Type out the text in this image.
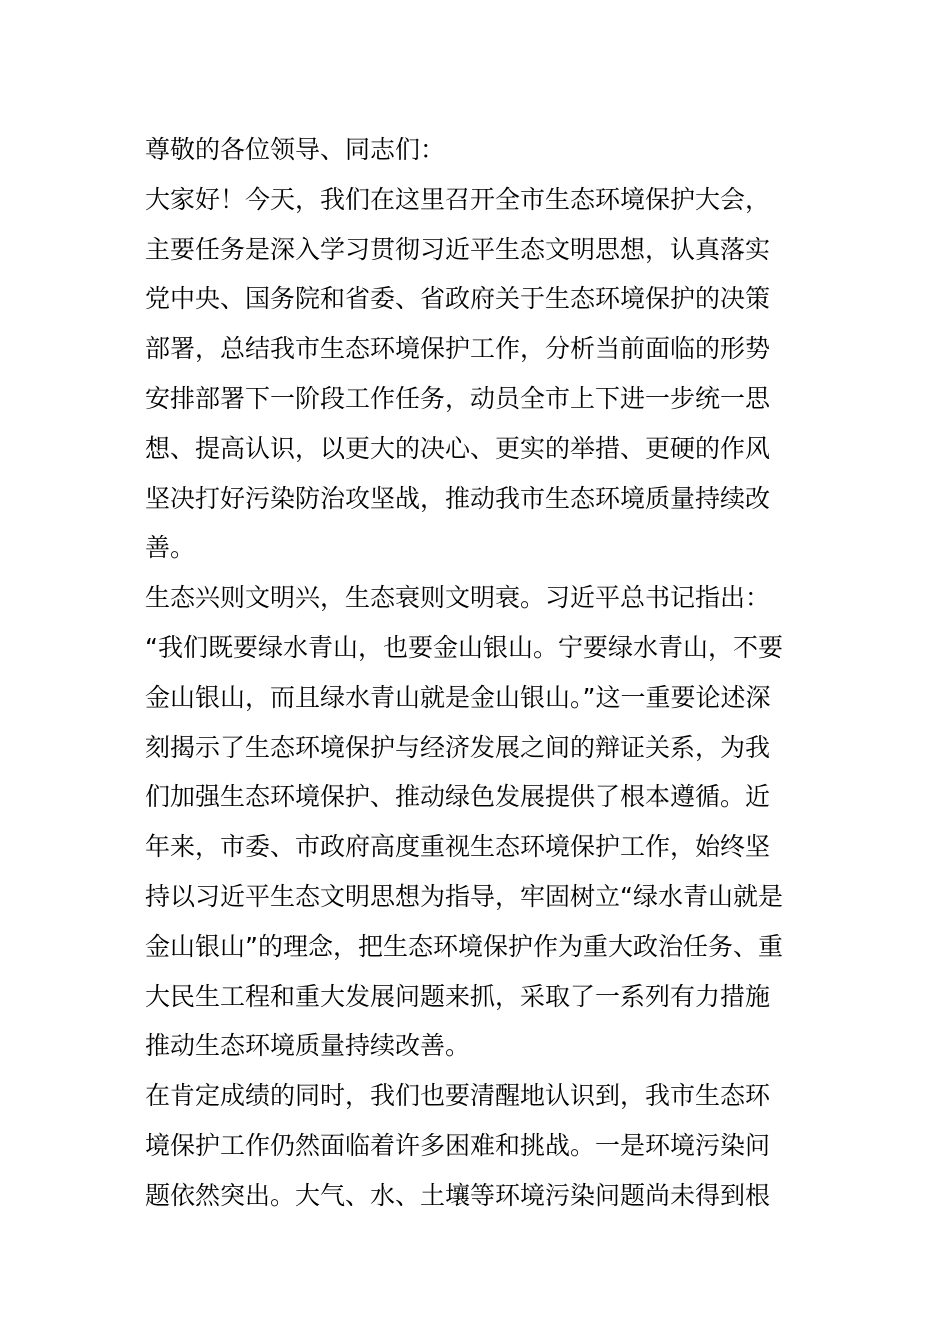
尊敬的各位领导、同志们：
大家好！今天，我们在这里召开全市生态环境保护大会，
主要任务是深入学习贯彻习近平生态文明思想，认真落实
党中央、国务院和省委、省政府关于生态环境保护的决策
部署，总结我市生态环境保护工作，分析当前面临的形势
安排部署下一阶段工作任务，动员全市上下进一步统一思
想、提高认识，以更大的决心、更实的举措、更硬的作风
坚决打好污染防治攻坚战，推动我市生态环境质量持续改
善。
生态兴则文明兴，生态衰则文明衰。习近平总书记指出：
“我们既要绿水青山，也要金山银山。宁要绿水青山，不要
金山银山，而且绿水青山就是金山银山。”这一重要论述深
刻揭示了生态环境保护与经济发展之间的辩证关系，为我
们加强生态环境保护、推动绿色发展提供了根本遵循。近
年来，市委、市政府高度重视生态环境保护工作，始终坚
持以习近平生态文明思想为指导，牢固树立“绿水青山就是
金山银山”的理念，把生态环境保护作为重大政治任务、重
大民生工程和重大发展问题来抓，采取了一系列有力措施
推动生态环境质量持续改善。
在肯定成绩的同时，我们也要清醒地认识到，我市生态环
境保护工作仍然面临着许多困难和挑战。一是环境污染问
题依然突出。大气、水、土壤等环境污染问题尚未得到根
